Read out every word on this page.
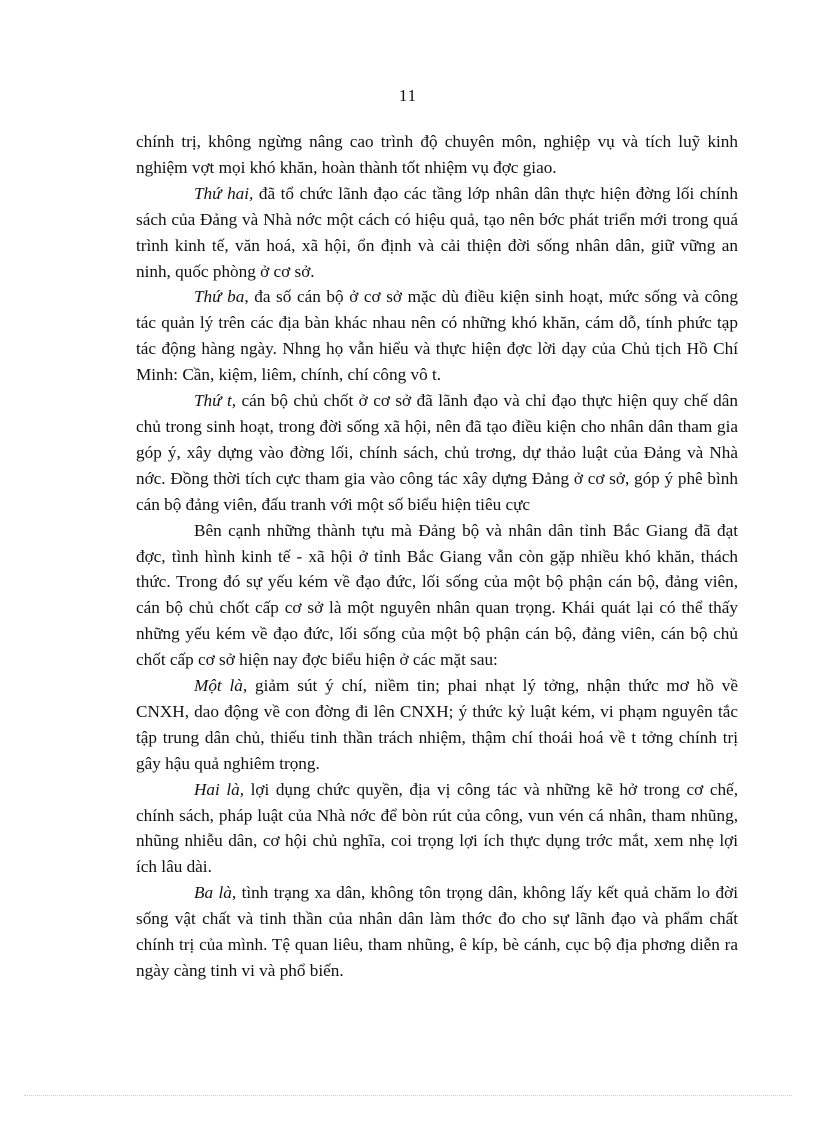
11

chính trị, không ngừng nâng cao trình độ chuyên môn, nghiệp vụ và tích luỹ kinh nghiệm vợt mọi khó khăn, hoàn thành tốt nhiệm vụ đợc giao.

Thứ hai, đã tổ chức lãnh đạo các tầng lớp nhân dân thực hiện đờng lối chính sách của Đảng và Nhà nớc một cách có hiệu quả, tạo nên bớc phát triển mới trong quá trình kinh tế, văn hoá, xã hội, ổn định và cải thiện đời sống nhân dân, giữ vững an ninh, quốc phòng ở cơ sở.

Thứ ba, đa số cán bộ ở cơ sở mặc dù điều kiện sinh hoạt, mức sống và công tác quản lý trên các địa bàn khác nhau nên có những khó khăn, cám dỗ, tính phức tạp tác động hàng ngày. Nhng họ vẫn hiểu và thực hiện đợc lời dạy của Chủ tịch Hồ Chí Minh: Cần, kiệm, liêm, chính, chí công vô t.

Thứ t, cán bộ chủ chốt ở cơ sở đã lãnh đạo và chỉ đạo thực hiện quy chế dân chủ trong sinh hoạt, trong đời sống xã hội, nên đã tạo điều kiện cho nhân dân tham gia góp ý, xây dựng vào đờng lối, chính sách, chủ trơng, dự thảo luật của Đảng và Nhà nớc. Đồng thời tích cực tham gia vào công tác xây dựng Đảng ở cơ sở, góp ý phê bình cán bộ đảng viên, đấu tranh với một số biểu hiện tiêu cực

Bên cạnh những thành tựu mà Đảng bộ và nhân dân tỉnh Bắc Giang đã đạt đợc, tình hình kinh tế - xã hội ở tỉnh Bắc Giang vẫn còn gặp nhiều khó khăn, thách thức. Trong đó sự yếu kém về đạo đức, lối sống của một bộ phận cán bộ, đảng viên, cán bộ chủ chốt cấp cơ sở là một nguyên nhân quan trọng. Khái quát lại có thể thấy những yếu kém về đạo đức, lối sống của một bộ phận cán bộ, đảng viên, cán bộ chủ chốt cấp cơ sở hiện nay đợc biểu hiện ở các mặt sau:

Một là, giảm sút ý chí, niềm tin; phai nhạt lý tởng, nhận thức mơ hồ về CNXH, dao động về con đờng đi lên CNXH; ý thức kỷ luật kém, vi phạm nguyên tắc tập trung dân chủ, thiếu tinh thần trách nhiệm, thậm chí thoái hoá về t tởng chính trị gây hậu quả nghiêm trọng.

Hai là, lợi dụng chức quyền, địa vị công tác và những kẽ hở trong cơ chế, chính sách, pháp luật của Nhà nớc để bòn rút của công, vun vén cá nhân, tham nhũng, nhũng nhiễu dân, cơ hội chủ nghĩa, coi trọng lợi ích thực dụng trớc mắt, xem nhẹ lợi ích lâu dài.

Ba là, tình trạng xa dân, không tôn trọng dân, không lấy kết quả chăm lo đời sống vật chất và tinh thần của nhân dân làm thớc đo cho sự lãnh đạo và phẩm chất chính trị của mình. Tệ quan liêu, tham nhũng, ê kíp, bè cánh, cục bộ địa phơng diễn ra ngày càng tinh vi và phổ biến.
